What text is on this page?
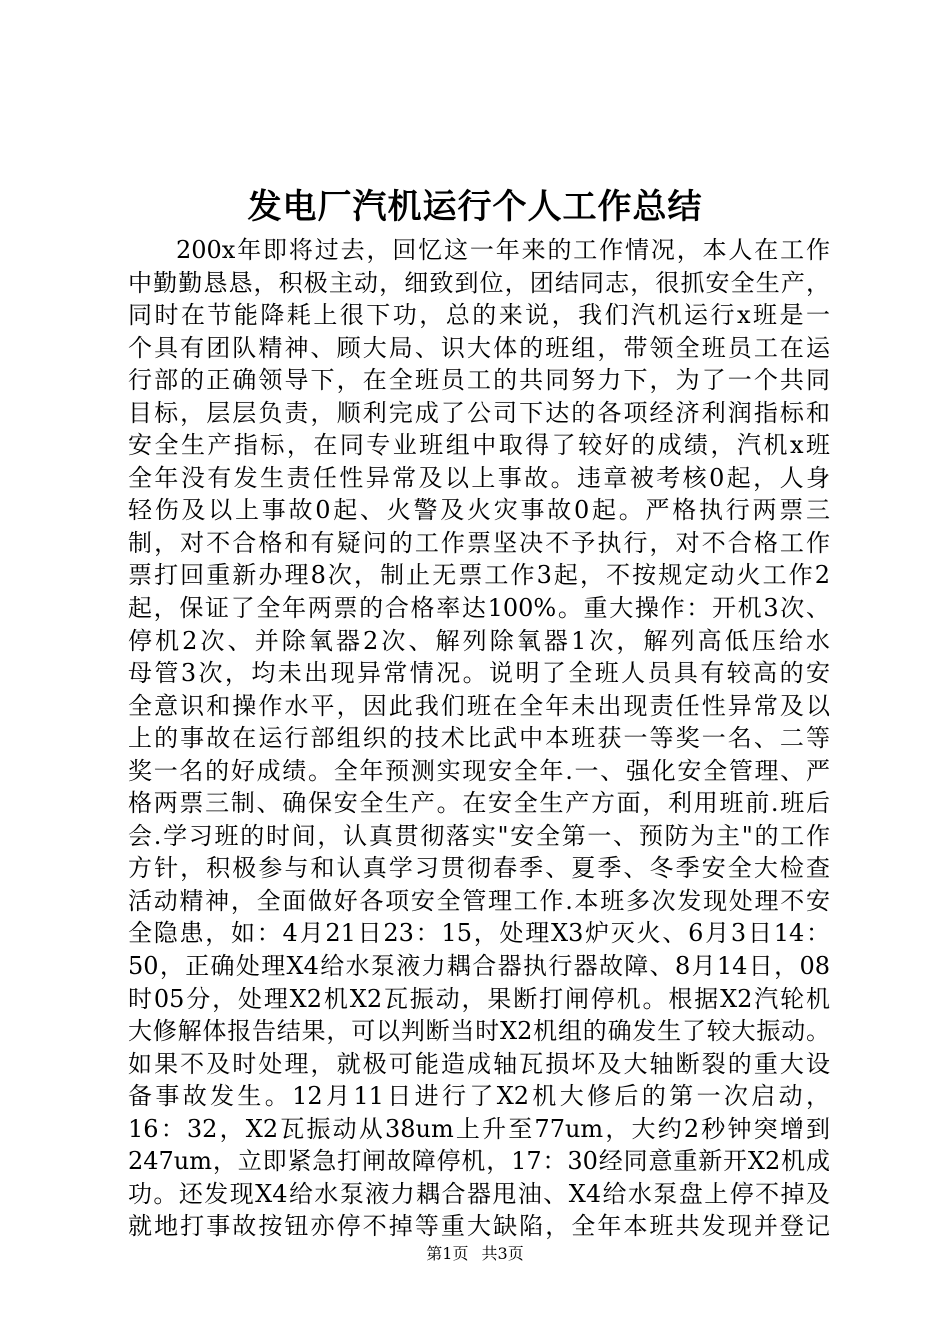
发电厂汽机运行个人工作总结
200x年即将过去，回忆这一年来的工作情况，本人在工作
中勤勤恳恳，积极主动，细致到位，团结同志，很抓安全生产，
同时在节能降耗上很下功，总的来说，我们汽机运行x班是一
个具有团队精神、顾大局、识大体的班组，带领全班员工在运
行部的正确领导下，在全班员工的共同努力下，为了一个共同
目标，层层负责，顺利完成了公司下达的各项经济利润指标和
安全生产指标，在同专业班组中取得了较好的成绩，汽机x班
全年没有发生责任性异常及以上事故。违章被考核0起，人身
轻伤及以上事故0起、火警及火灾事故0起。严格执行两票三
制，对不合格和有疑问的工作票坚决不予执行，对不合格工作
票打回重新办理8次，制止无票工作3起，不按规定动火工作2
起，保证了全年两票的合格率达100%。重大操作：开机3次、
停机2次、并除氧器2次、解列除氧器1次，解列高低压给水
母管3次，均未出现异常情况。说明了全班人员具有较高的安
全意识和操作水平，因此我们班在全年未出现责任性异常及以
上的事故在运行部组织的技术比武中本班获一等奖一名、二等
奖一名的好成绩。全年预测实现安全年.一、强化安全管理、严
格两票三制、确保安全生产。在安全生产方面，利用班前.班后
会.学习班的时间，认真贯彻落实"安全第一、预防为主"的工作
方针，积极参与和认真学习贯彻春季、夏季、冬季安全大检查
活动精神，全面做好各项安全管理工作.本班多次发现处理不安
全隐患，如：4月21日23：15，处理X3炉灭火、6月3日14：
50，正确处理X4给水泵液力耦合器执行器故障、8月14日，08
时05分，处理X2机X2瓦振动，果断打闸停机。根据X2汽轮机
大修解体报告结果，可以判断当时X2机组的确发生了较大振动。
如果不及时处理，就极可能造成轴瓦损坏及大轴断裂的重大设
备事故发生。12月11日进行了X2机大修后的第一次启动，
16：32，X2瓦振动从38um上升至77um，大约2秒钟突增到
247um，立即紧急打闸故障停机，17：30经同意重新开X2机成
功。还发现X4给水泵液力耦合器甩油、X4给水泵盘上停不掉及
就地打事故按钮亦停不掉等重大缺陷，全年本班共发现并登记
第1页 共3页
